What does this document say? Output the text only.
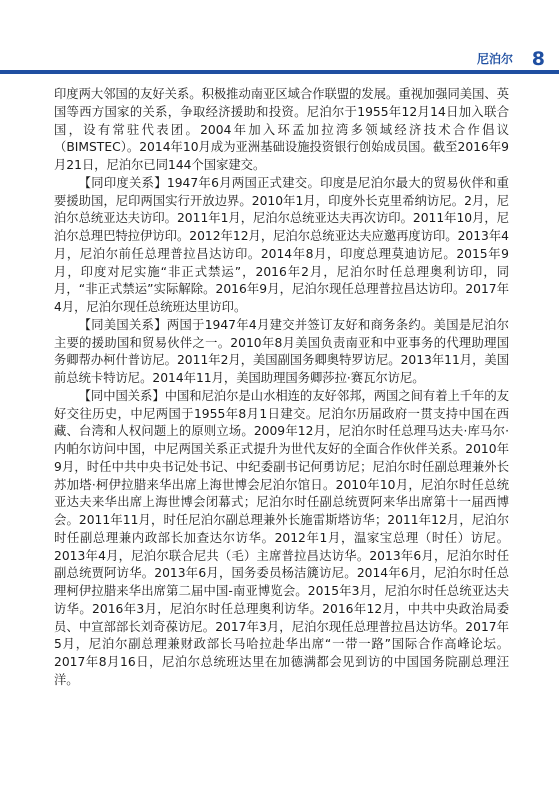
尼泊尔 8

印度两大邻国的友好关系。积极推动南亚区域合作联盟的发展。重视加强同美国、英国等西方国家的关系，争取经济援助和投资。尼泊尔于1955年12月14日加入联合国，设有常驻代表团。2004年加入环孟加拉湾多领域经济技术合作倡议（BIMSTEC）。2014年10月成为亚洲基础设施投资银行创始成员国。截至2016年9月21日，尼泊尔已同144个国家建交。

【同印度关系】1947年6月两国正式建交。印度是尼泊尔最大的贸易伙伴和重要援助国，尼印两国实行开放边界。2010年1月，印度外长克里希纳访尼。2月，尼泊尔总统亚达夫访印。2011年1月，尼泊尔总统亚达夫再次访印。2011年10月，尼泊尔总理巴特拉伊访印。2012年12月，尼泊尔总统亚达夫应邀再度访印。2013年4月，尼泊尔前任总理普拉昌达访印。2014年8月，印度总理莫迪访尼。2015年9月，印度对尼实施“非正式禁运”，2016年2月，尼泊尔时任总理奥利访印，同月，“非正式禁运”实际解除。2016年9月，尼泊尔现任总理普拉昌达访印。2017年4月，尼泊尔现任总统班达里访印。

【同美国关系】两国于1947年4月建交并签订友好和商务条约。美国是尼泊尔主要的援助国和贸易伙伴之一。2010年8月美国负责南亚和中亚事务的代理助理国务卿帮办柯什普访尼。2011年2月，美国副国务卿奥特罗访尼。2013年11月，美国前总统卡特访尼。2014年11月，美国助理国务卿莎拉·赛瓦尔访尼。

【同中国关系】中国和尼泊尔是山水相连的友好邻邦，两国之间有着上千年的友好交往历史，中尼两国于1955年8月1日建交。尼泊尔历届政府一贯支持中国在西藏、台湾和人权问题上的原则立场。2009年12月，尼泊尔时任总理马达夫·库马尔·内帕尔访问中国，中尼两国关系正式提升为世代友好的全面合作伙伴关系。2010年9月，时任中共中央书记处书记、中纪委副书记何勇访尼；尼泊尔时任副总理兼外长苏加塔·柯伊拉腊来华出席上海世博会尼泊尔馆日。2010年10月，尼泊尔时任总统亚达夫来华出席上海世博会闭幕式；尼泊尔时任副总统贾阿来华出席第十一届西博会。2011年11月，时任尼泊尔副总理兼外长施雷斯塔访华；2011年12月，尼泊尔时任副总理兼内政部长加查达尔访华。2012年1月，温家宝总理（时任）访尼。2013年4月，尼泊尔联合尼共（毛）主席普拉昌达访华。2013年6月，尼泊尔时任副总统贾阿访华。2013年6月，国务委员杨洁篪访尼。2014年6月，尼泊尔时任总理柯伊拉腊来华出席第二届中国-南亚博览会。2015年3月，尼泊尔时任总统亚达夫访华。2016年3月，尼泊尔时任总理奥利访华。2016年12月，中共中央政治局委员、中宣部部长刘奇葆访尼。2017年3月，尼泊尔现任总理普拉昌达访华。2017年5月，尼泊尔副总理兼财政部长马哈拉赴华出席“一带一路”国际合作高峰论坛。2017年8月16日，尼泊尔总统班达里在加德满都会见到访的中国国务院副总理汪洋。
